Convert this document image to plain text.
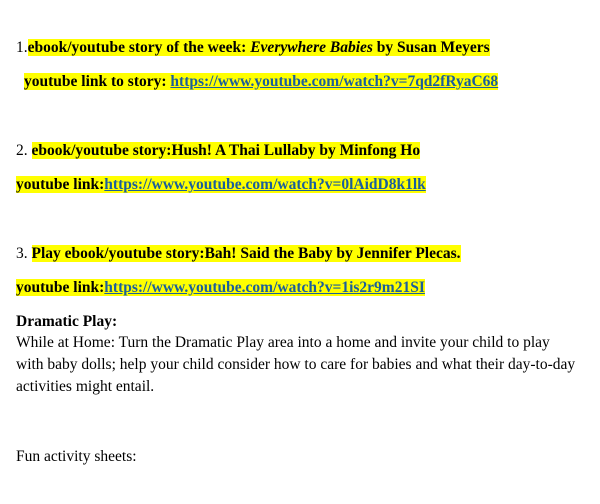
1.ebook/youtube story of the week: Everywhere Babies by Susan Meyers
youtube link to story: https://www.youtube.com/watch?v=7qd2fRyaC68
2. ebook/youtube story:Hush! A Thai Lullaby by Minfong Ho
youtube link:https://www.youtube.com/watch?v=0lAidD8k1lk
3. Play ebook/youtube story:Bah! Said the Baby by Jennifer Plecas.
youtube link:https://www.youtube.com/watch?v=1is2r9m21SI
Dramatic Play:
While at Home: Turn the Dramatic Play area into a home and invite your child to play with baby dolls; help your child consider how to care for babies and what their day-to-day activities might entail.
Fun activity sheets:
